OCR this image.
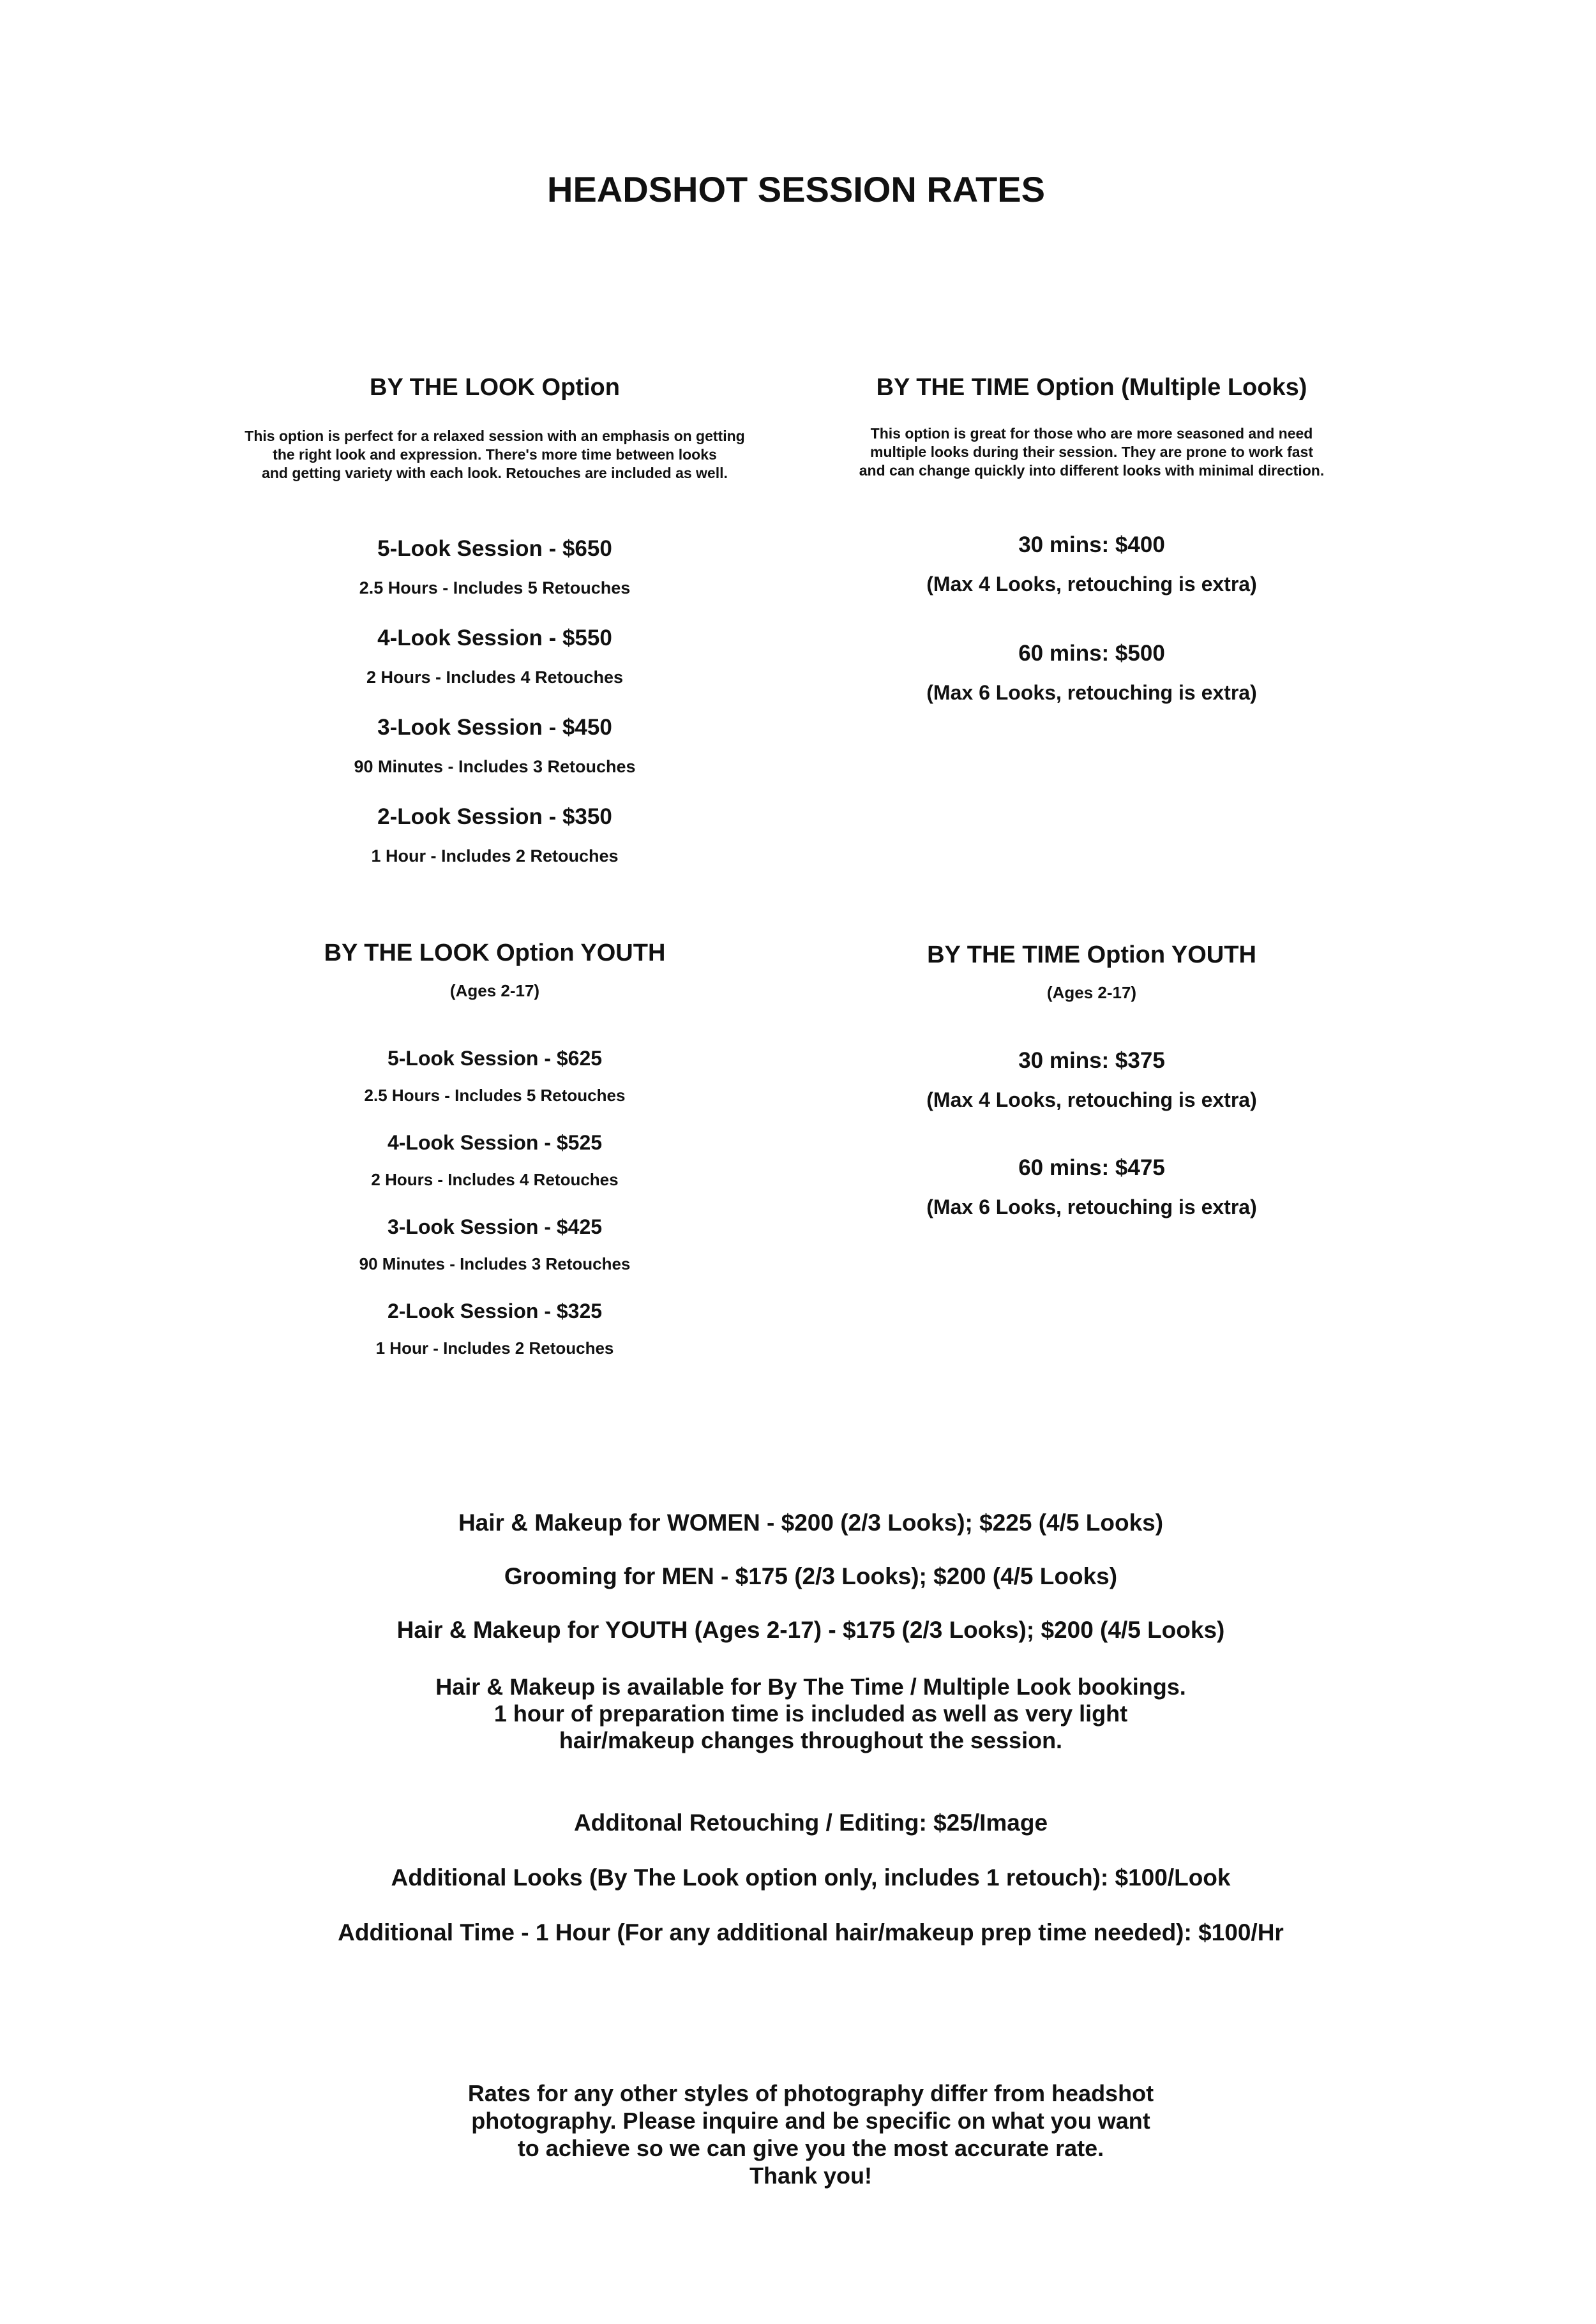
HEADSHOT SESSION RATES
BY THE LOOK Option
This option is perfect for a relaxed session with an emphasis on getting
the right look and expression. There's more time between looks
and getting variety with each look. Retouches are included as well.
5-Look Session - $650
2.5 Hours - Includes 5 Retouches
4-Look Session - $550
2 Hours - Includes 4 Retouches
3-Look Session - $450
90 Minutes - Includes 3 Retouches
2-Look Session - $350
1 Hour - Includes 2 Retouches
BY THE TIME Option (Multiple Looks)
This option is great for those who are more seasoned and need
multiple looks during their session. They are prone to work fast
and can change quickly into different looks with minimal direction.
30 mins: $400
(Max 4 Looks, retouching is extra)
60 mins: $500
(Max 6 Looks, retouching is extra)
BY THE LOOK Option YOUTH
(Ages 2-17)
5-Look Session - $625
2.5 Hours - Includes 5 Retouches
4-Look Session - $525
2 Hours - Includes 4 Retouches
3-Look Session - $425
90 Minutes - Includes 3 Retouches
2-Look Session - $325
1 Hour - Includes 2 Retouches
BY THE TIME Option YOUTH
(Ages 2-17)
30 mins: $375
(Max 4 Looks, retouching is extra)
60 mins: $475
(Max 6 Looks, retouching is extra)
Hair & Makeup for WOMEN - $200 (2/3 Looks); $225 (4/5 Looks)
Grooming for MEN - $175 (2/3 Looks); $200 (4/5 Looks)
Hair & Makeup for YOUTH (Ages 2-17) - $175 (2/3 Looks); $200 (4/5 Looks)
Hair & Makeup is available for By The Time / Multiple Look bookings.
1 hour of preparation time is included as well as very light
hair/makeup changes throughout the session.
Additonal Retouching / Editing: $25/Image
Additional Looks (By The Look option only, includes 1 retouch): $100/Look
Additional Time - 1 Hour (For any additional hair/makeup prep time needed): $100/Hr
Rates for any other styles of photography differ from headshot
photography. Please inquire and be specific on what you want
to achieve so we can give you the most accurate rate.
Thank you!
